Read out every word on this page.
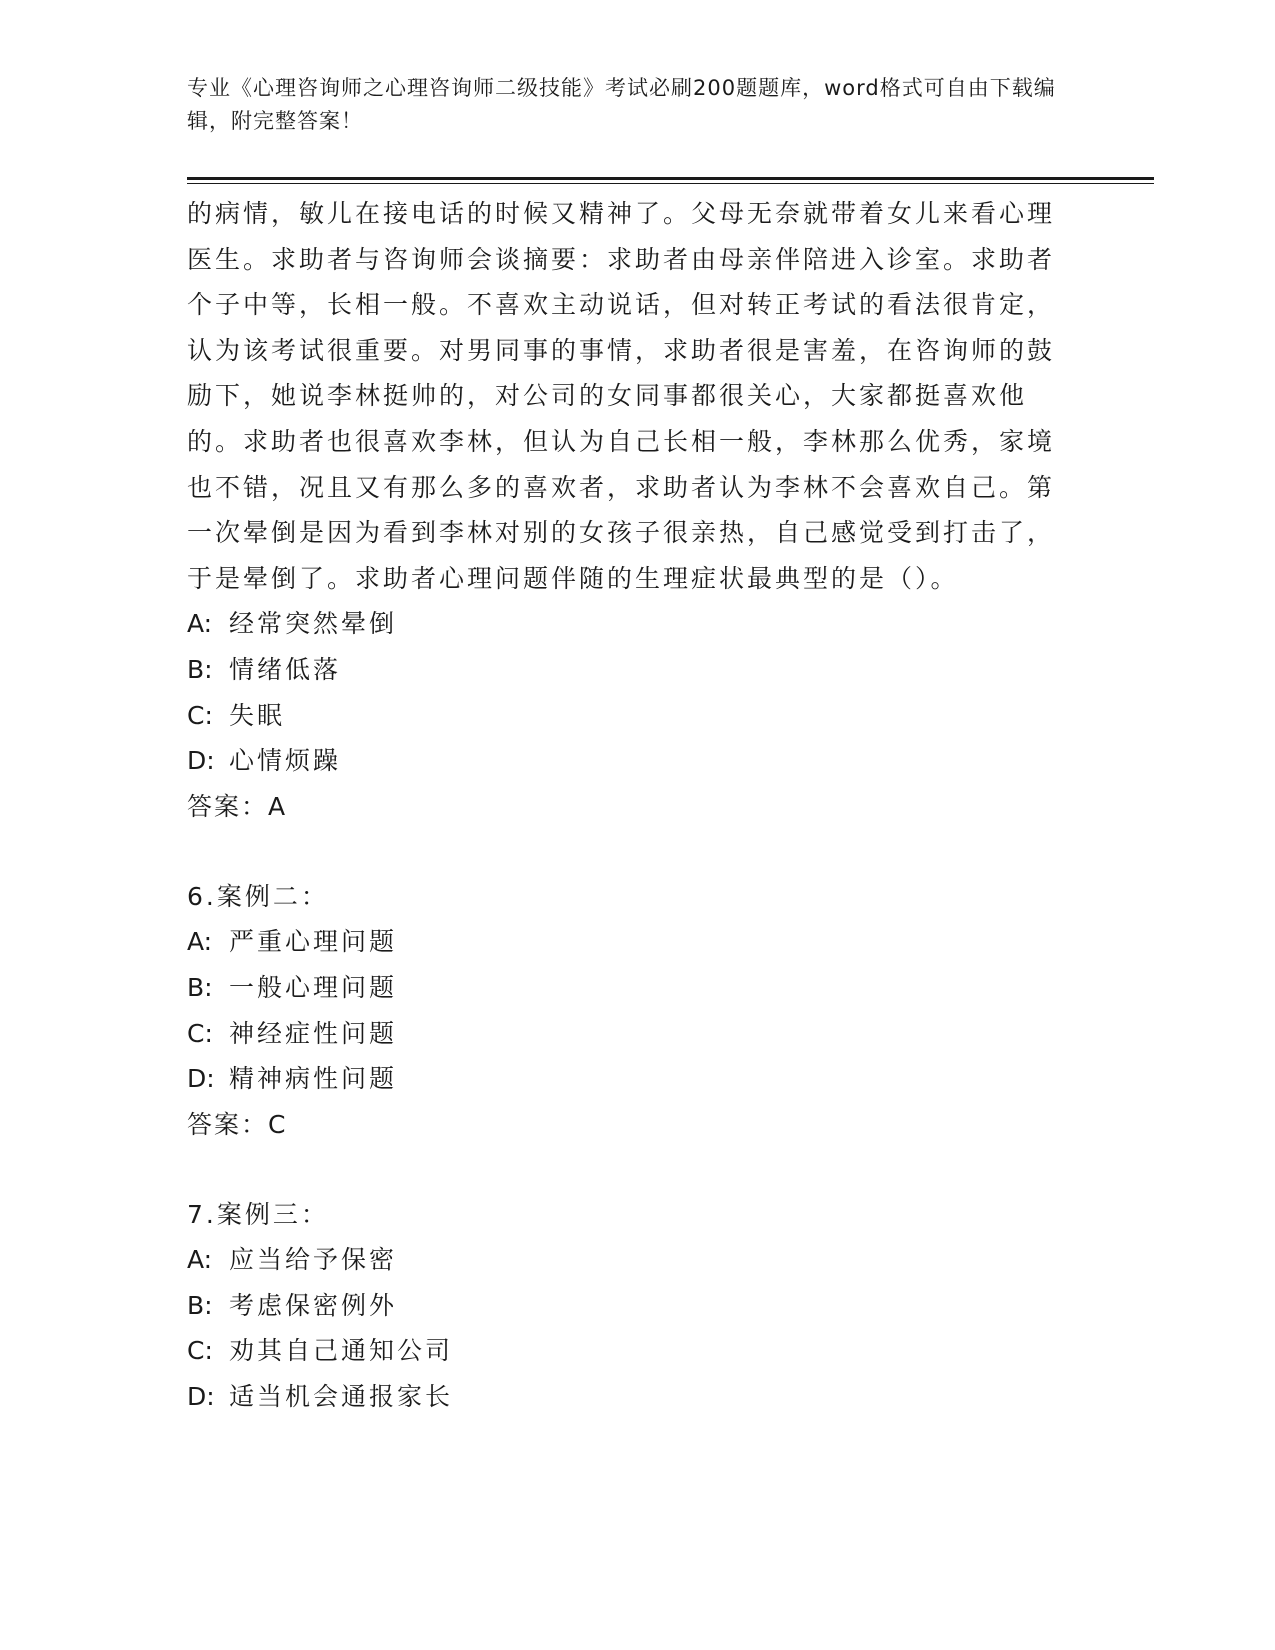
专业《心理咨询师之心理咨询师二级技能》考试必刷200题题库，word格式可自由下载编辑，附完整答案！

的病情，敏儿在接电话的时候又精神了。父母无奈就带着女儿来看心理医生。求助者与咨询师会谈摘要：求助者由母亲伴陪进入诊室。求助者个子中等，长相一般。不喜欢主动说话，但对转正考试的看法很肯定，认为该考试很重要。对男同事的事情，求助者很是害羞，在咨询师的鼓励下，她说李林挺帅的，对公司的女同事都很关心，大家都挺喜欢他的。求助者也很喜欢李林，但认为自己长相一般，李林那么优秀，家境也不错，况且又有那么多的喜欢者，求助者认为李林不会喜欢自己。第一次晕倒是因为看到李林对别的女孩子很亲热，自己感觉受到打击了，于是晕倒了。求助者心理问题伴随的生理症状最典型的是（）。

A: 经常突然晕倒
B: 情绪低落
C: 失眠
D: 心情烦躁
答案：A
6.案例二：
A: 严重心理问题
B: 一般心理问题
C: 神经症性问题
D: 精神病性问题
答案：C
7.案例三：
A: 应当给予保密
B: 考虑保密例外
C: 劝其自己通知公司
D: 适当机会通报家长
